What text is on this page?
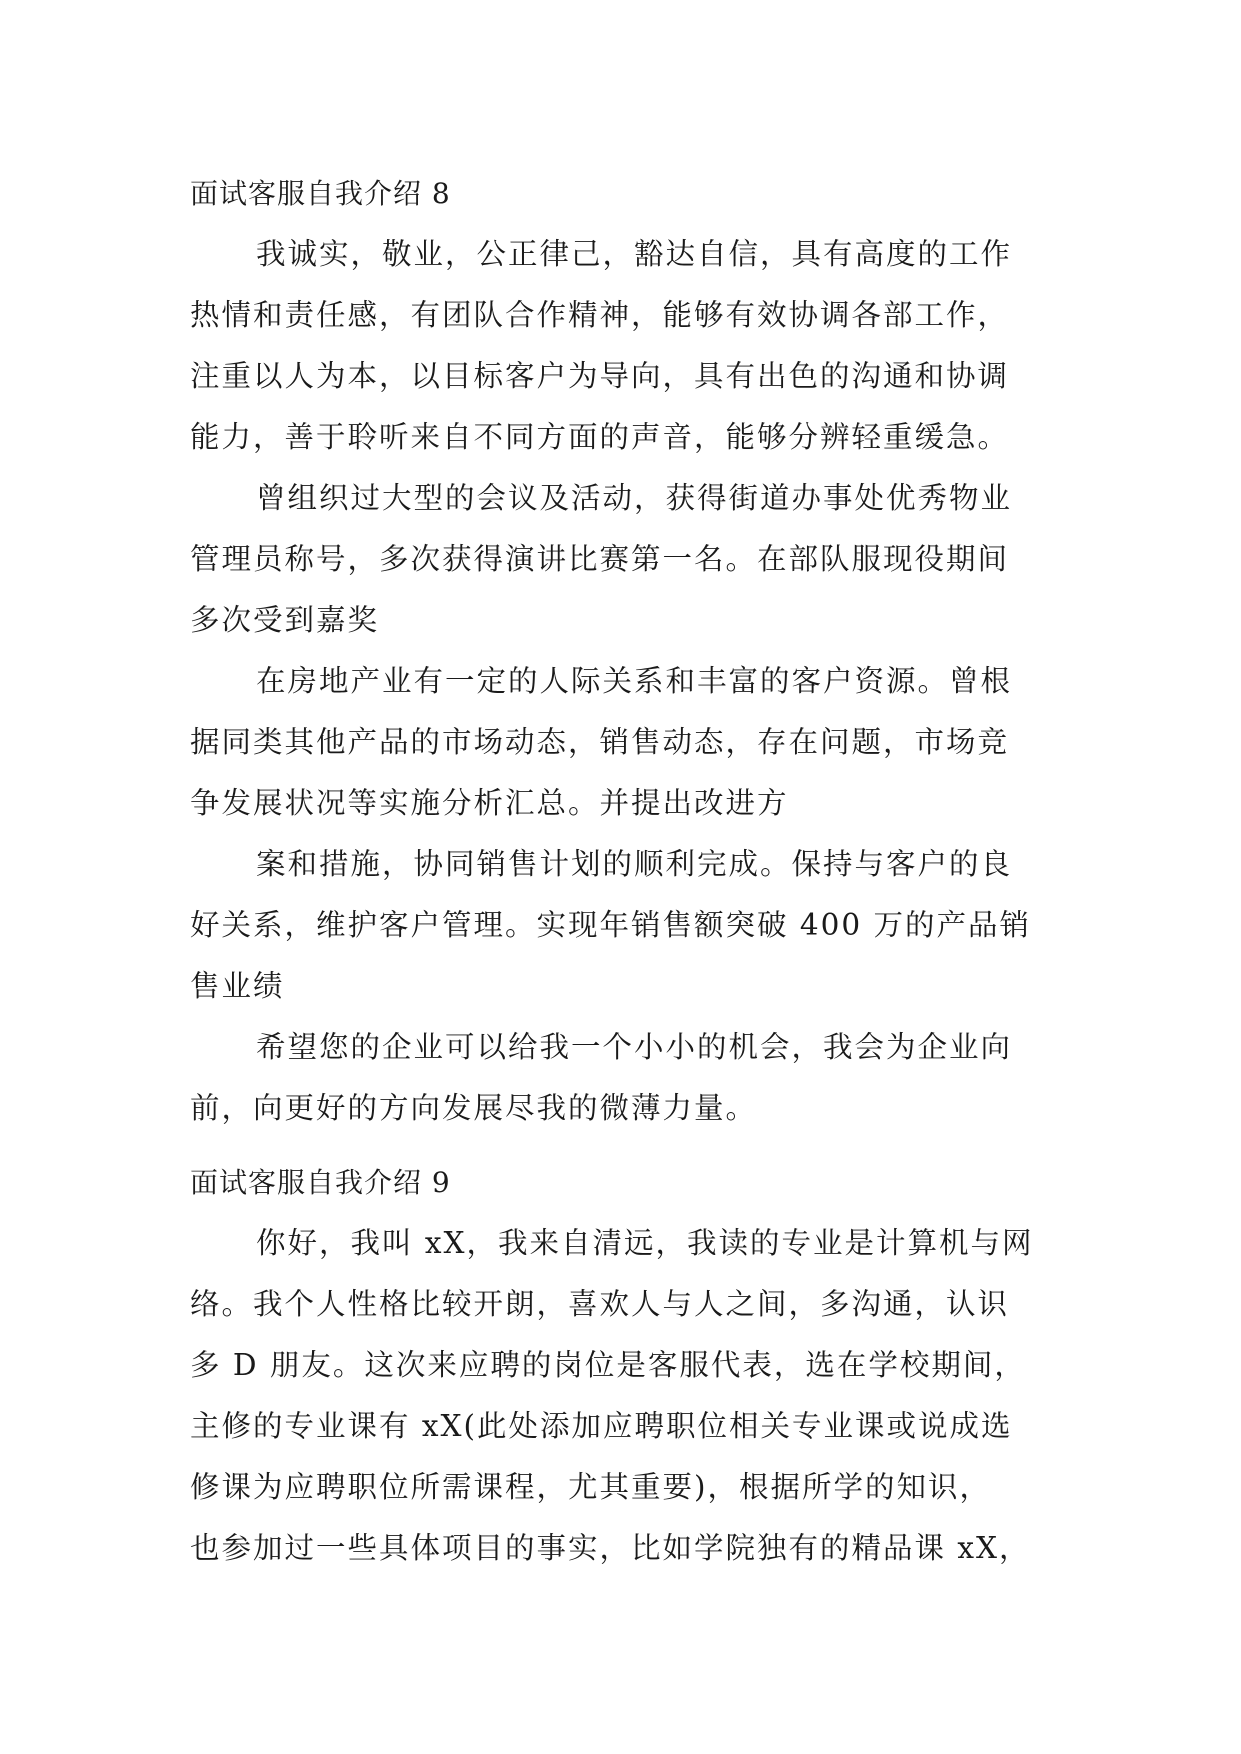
面试客服自我介绍 8
我诚实，敬业，公正律己，豁达自信，具有高度的工作
热情和责任感，有团队合作精神，能够有效协调各部工作，
注重以人为本，以目标客户为导向，具有出色的沟通和协调
能力，善于聆听来自不同方面的声音，能够分辨轻重缓急。
曾组织过大型的会议及活动，获得街道办事处优秀物业
管理员称号，多次获得演讲比赛第一名。在部队服现役期间
多次受到嘉奖
在房地产业有一定的人际关系和丰富的客户资源。曾根
据同类其他产品的市场动态，销售动态，存在问题，市场竞
争发展状况等实施分析汇总。并提出改进方
案和措施，协同销售计划的顺利完成。保持与客户的良
好关系，维护客户管理。实现年销售额突破 400 万的产品销
售业绩
希望您的企业可以给我一个小小的机会，我会为企业向
前，向更好的方向发展尽我的微薄力量。
面试客服自我介绍 9
你好，我叫 xX，我来自清远，我读的专业是计算机与网
络。我个人性格比较开朗，喜欢人与人之间，多沟通，认识
多 D 朋友。这次来应聘的岗位是客服代表，选在学校期间，
主修的专业课有 xX(此处添加应聘职位相关专业课或说成选
修课为应聘职位所需课程，尤其重要)，根据所学的知识，
也参加过一些具体项目的事实，比如学院独有的精品课 xX，
